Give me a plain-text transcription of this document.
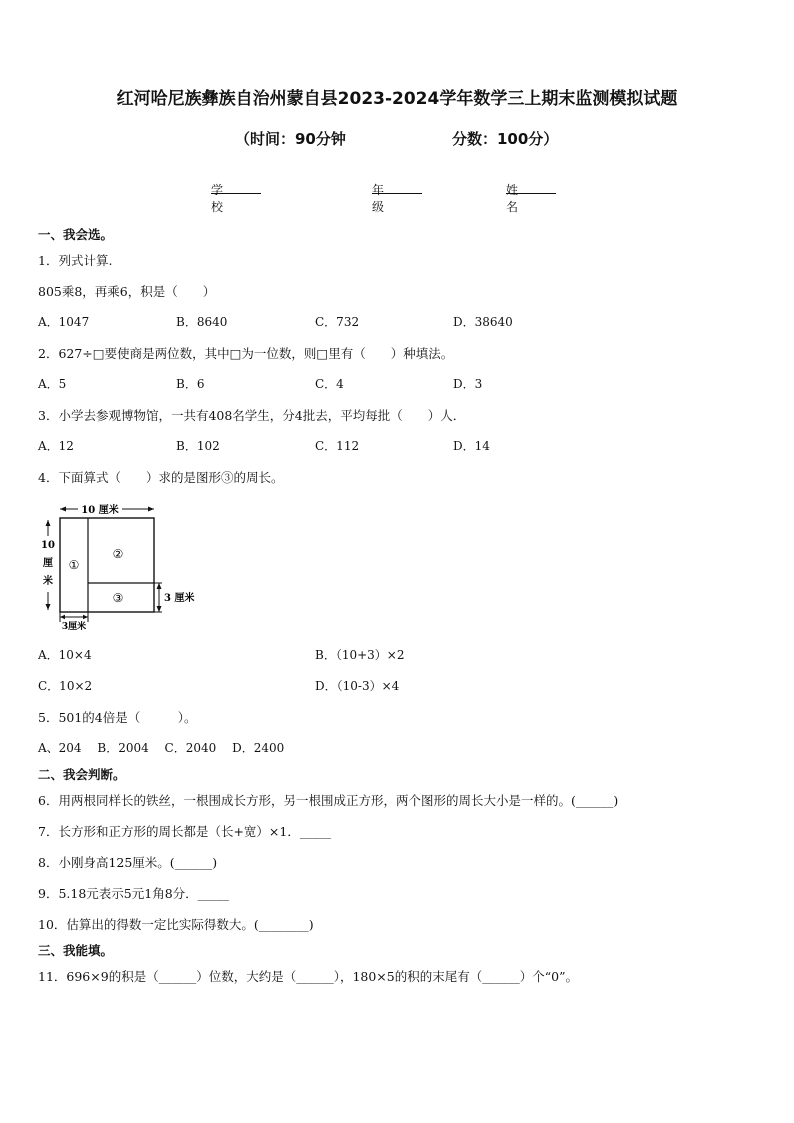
红河哈尼族彝族自治州蒙自县2023-2024学年数学三上期末监测模拟试题
（时间：90分钟	分数：100分）
学校
年级
姓名
一、我会选。
1．列式计算.
805乘8，再乘6，积是（　　）
A．1047	B．8640	C．732	D．38640
2．627÷□要使商是两位数，其中□为一位数，则□里有（　　）种填法。
A．5	B．6	C．4	D．3
3．小学去参观博物馆，一共有408名学生，分4批去，平均每批（　　）人．
A．12	B．102	C．112	D．14
4．下面算式（　　）求的是图形③的周长。
10 厘米
10
厘
米
①
②
③	3 厘米
3厘米
A．10×4	B．（10+3）×2
C．10×2	D．（10-3）×4
5．501的4倍是（　　　）。
A、204　 B．2004　 C．2040　 D．2400
二、我会判断。
6．用两根同样长的铁丝，一根围成长方形，另一根围成正方形，两个图形的周长大小是一样的。(______)
7．长方形和正方形的周长都是（长+宽）×1．_____
8．小刚身高125厘米。(______)
9．5.18元表示5元1角8分．_____
10．估算出的得数一定比实际得数大。(________)
三、我能填。
11．696×9的积是（______）位数，大约是（______），180×5的积的末尾有（______）个“0”。
